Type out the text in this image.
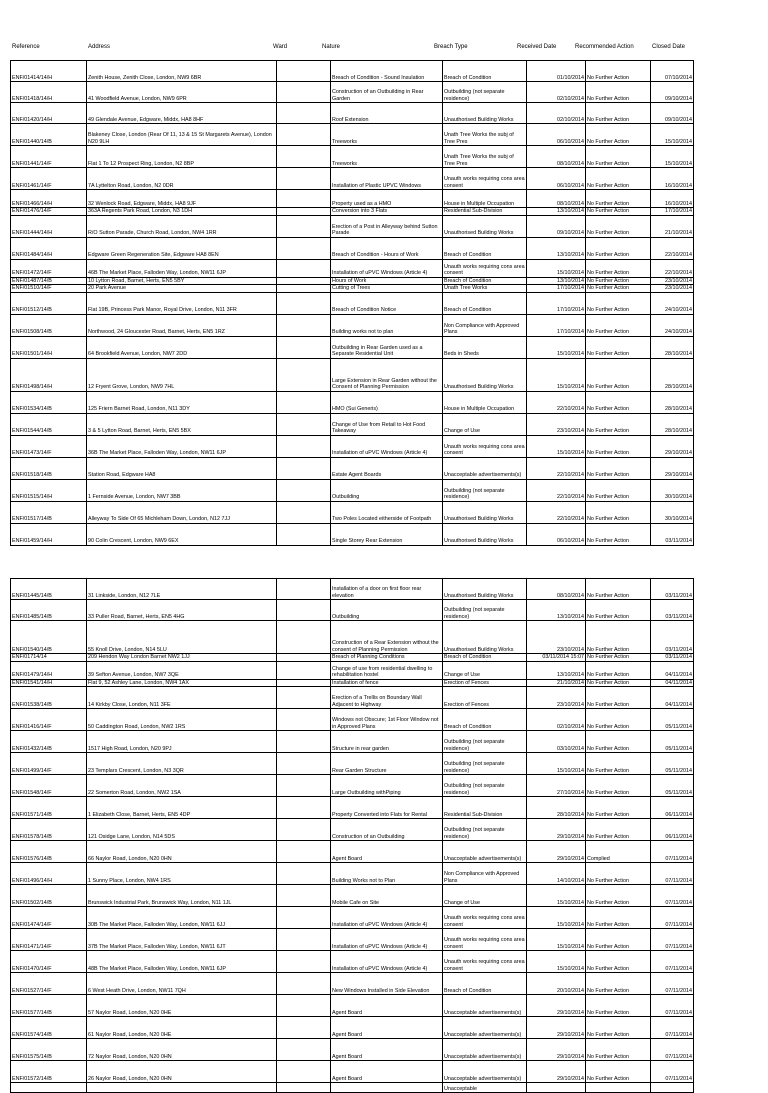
Reference	Address	Ward	Nature	Breach Type	Received Date	Recommended Action	Closed Date
ENF/01414/14/H	Zenith House, Zenith Close, London, NW9 6BR		Breach of Condition - Sound Insulation	Breach of Condition	01/10/2014	No Further Action	07/10/2014
ENF/01418/14/H	41 Woodfield Avenue, London, NW9 6PR		Construction of an Outbuilding in Rear Garden	Outbuilding (not separate residence)	02/10/2014	No Further Action	09/10/2014
ENF/01420/14/H	49 Glendale Avenue, Edgware, Middx, HA8 8HF		Roof Extension	Unauthorised Building Works	02/10/2014	No Further Action	09/10/2014
ENF/01440/14/B	Blakeney Close, London (Rear Of 11, 13 & 15 St Margarets Avenue), London N20 9LH		Treeworks	Unath Tree Works the subj of Tree Pres	06/10/2014	No Further Action	15/10/2014
ENF/01441/14/F	Flat 1 To 12 Prospect Ring, London, N2 8BP		Treeworks	Unath Tree Works the subj of Tree Pres	08/10/2014	No Further Action	15/10/2014
ENF/01461/14/F	7A Lyttelton Road, London, N2 0DR		Installation of Plastic UPVC Windows	Unauth works requiring cons area consent	06/10/2014	No Further Action	16/10/2014
ENF/01466/14/H	32 Wenlock Road, Edgware, Middx, HA8 9JF		Property used as a HMO	House in Multiple Occupation	08/10/2014	No Further Action	16/10/2014
ENF/01476/14/F	363A Regents Park Road, London, N3 1DH		Conversion into 3 Flats	Residential Sub-Division	13/10/2014	No Further Action	17/10/2014
ENF/01444/14/H	R/O Sutton Parade, Church Road, London, NW4 1RR		Erection of a Post in Alleyway behind Sutton Parade	Unauthorised Building Works	09/10/2014	No Further Action	21/10/2014
ENF/01484/14/H	Edgware Green Regeneration Site, Edgware HA8 8EN		Breach of Condition - Hours of Work	Breach of Condition	13/10/2014	No Further Action	22/10/2014
ENF/01472/14/F	46B The Market Place, Falloden Way, London, NW11 6JP		Installation of uPVC Windows (Article 4)	Unauth works requiring cons area consent	15/10/2014	No Further Action	22/10/2014
ENF/01487/14/B	10 Lytton Road, Barnet, Herts, EN5 5BY		Hours of Work	Breach of Condition	13/10/2014	No Further Action	23/10/2014
ENF/01510/14/F	20 Park Avenue		Cutting of Trees	Unath Tree Works	17/10/2014	No Further Action	23/10/2014
ENF/01512/14/B	Flat 19B, Princess Park Manor, Royal Drive, London, N11 3FR		Breach of Condition Notice	Breach of Condition	17/10/2014	No Further Action	24/10/2014
ENF/01508/14/B	Northwood, 24 Gloucester Road, Barnet, Herts, EN5 1RZ		Building works not to plan	Non Compliance with Approved Plans	17/10/2014	No Further Action	24/10/2014
ENF/01501/14/H	64 Brookfield Avenue, London, NW7 2DD		Outbuilding in Rear Garden used as a Separate Residential Unit	Beds in Sheds	15/10/2014	No Further Action	28/10/2014
ENF/01498/14/H	12 Fryent Grove, London, NW9 7HL		Large Extension in Rear Garden without the Consent of Planning Permission	Unauthorised Building Works	15/10/2014	No Further Action	28/10/2014
ENF/01534/14/B	125 Friern Barnet Road, London, N11 3DY		HMO (Sui Generis)	House in Multiple Occupation	22/10/2014	No Further Action	28/10/2014
ENF/01544/14/B	3 & 5 Lytton Road, Barnet, Herts, EN5 5BX		Change of Use from Retail to Hot Food Takeaway	Change of Use	23/10/2014	No Further Action	28/10/2014
ENF/01473/14/F	36B The Market Place, Falloden Way, London, NW11 6JP		Installation of uPVC Windows (Article 4)	Unauth works requiring cons area consent	15/10/2014	No Further Action	29/10/2014
ENF/01518/14/B	Station Road, Edgware HA8		Estate Agent Boards	Unacceptable advertisements(s)	22/10/2014	No Further Action	29/10/2014
ENF/01515/14/H	1 Fernside Avenue, London, NW7 3BB		Outbuilding	Outbuilding (not separate residence)	22/10/2014	No Further Action	30/10/2014
ENF/01517/14/B	Alleyway To Side Of 65 Michleham Down, London, N12 7JJ		Two Poles Located eitherside of Footpath	Unauthorised Building Works	22/10/2014	No Further Action	30/10/2014
ENF/01459/14/H	90 Colin Crescent, London, NW9 6EX		Single Storey Rear Extension	Unauthorised Building Works	06/10/2014	No Further Action	03/11/2014
ENF/01445/14/B	31 Linkside, London, N12 7LE		Installation of a door on first floor rear elevation	Unauthorised Building Works	08/10/2014	No Further Action	03/11/2014
ENF/01485/14/B	33 Puller Road, Barnet, Herts, EN5 4HG		Outbuilding	Outbuilding (not separate residence)	13/10/2014	No Further Action	03/11/2014
ENF/01540/14/B	55 Knoll Drive, London, N14 5LU		Construction of a Rear Extension without the consent of Planning Permission	Unauthorised Building Works	23/10/2014	No Further Action	03/11/2014
ENF/01714/14	209 Hendon Way London Barnet NW2 1JJ		Breach of Planning Conditions	Breach of Condition	03/11/2014 15:07	No Further Action	03/11/2014
ENF/01479/14/H	39 Sefton Avenue, London, NW7 3QE		Change of use from residential dwelling to rehabilitation hostel	Change of Use	13/10/2014	No Further Action	04/11/2014
ENF/01541/14/H	Flat 9, 52 Ashley Lane, London, NW4 1AX		Installation of fence	Erection of Fences	21/10/2014	No Further Action	04/11/2014
ENF/01538/14/B	14 Kirkby Close, London, N11 3FE		Erection of a Trellis on Boundary Wall Adjacent to Highway	Erection of Fences	23/10/2014	No Further Action	04/11/2014
ENF/01416/14/F	50 Caddington Road, London, NW2 1RS		Windows not Obscure; 1st Floor Window not in Approved Plans	Breach of Condition	02/10/2014	No Further Action	05/11/2014
ENF/01432/14/B	1517 High Road, London, N20 9PJ		Structure in rear garden	Outbuilding (not separate residence)	03/10/2014	No Further Action	05/11/2014
ENF/01499/14/F	23 Templars Crescent, London, N3 3QR		Rear Garden Structure	Outbuilding (not separate residence)	15/10/2014	No Further Action	05/11/2014
ENF/01548/14/F	22 Somerton Road, London, NW2 1SA		Large Outbuilding withPiping	Outbuilding (not separate residence)	27/10/2014	No Further Action	05/11/2014
ENF/01571/14/B	1 Elizabeth Close, Barnet, Herts, EN5 4DP		Property Converted into Flats for Rental	Residential Sub-Division	28/10/2014	No Further Action	06/11/2014
ENF/01578/14/B	121 Osidge Lane, London, N14 5DS		Construction of an Outbuilding	Outbuilding (not separate residence)	29/10/2014	No Further Action	06/11/2014
ENF/01576/14/B	66 Naylor Road, London, N20 0HN		Agent Board	Unacceptable advertisements(s)	29/10/2014	Complied	07/11/2014
ENF/01496/14/H	1 Sunny Place, London, NW4 1RS		Building Works not to Plan	Non Compliance with Approved Plans	14/10/2014	No Further Action	07/11/2014
ENF/01502/14/B	Brunswick Industrial Park, Brunswick Way, London, N11 1JL		Mobile Cafe on Site	Change of Use	15/10/2014	No Further Action	07/11/2014
ENF/01474/14/F	30B The Market Place, Falloden Way, London, NW11 6JJ		Installation of uPVC Windows (Article 4)	Unauth works requiring cons area consent	15/10/2014	No Further Action	07/11/2014
ENF/01471/14/F	37B The Market Place, Falloden Way, London, NW11 6JT		Installation of uPVC Windows (Article 4)	Unauth works requiring cons area consent	15/10/2014	No Further Action	07/11/2014
ENF/01470/14/F	48B The Market Place, Falloden Way, London, NW11 6JP		Installation of uPVC Windows (Article 4)	Unauth works requiring cons area consent	15/10/2014	No Further Action	07/11/2014
ENF/01527/14/F	6 West Heath Drive, London, NW11 7QH		New Windows Installed in Side Elevation	Breach of Condition	20/10/2014	No Further Action	07/11/2014
ENF/01577/14/B	57 Naylor Road, London, N20 0HE		Agent Board	Unacceptable advertisements(s)	29/10/2014	No Further Action	07/11/2014
ENF/01574/14/B	61 Naylor Road, London, N20 0HE		Agent Board	Unacceptable advertisements(s)	29/10/2014	No Further Action	07/11/2014
ENF/01575/14/B	72 Naylor Road, London, N20 0HN		Agent Board	Unacceptable advertisements(s)	29/10/2014	No Further Action	07/11/2014
ENF/01572/14/B	26 Naylor Road, London, N20 0HN		Agent Board	Unacceptable advertisements(s)	29/10/2014	No Further Action	07/11/2014
				Unacceptable			
